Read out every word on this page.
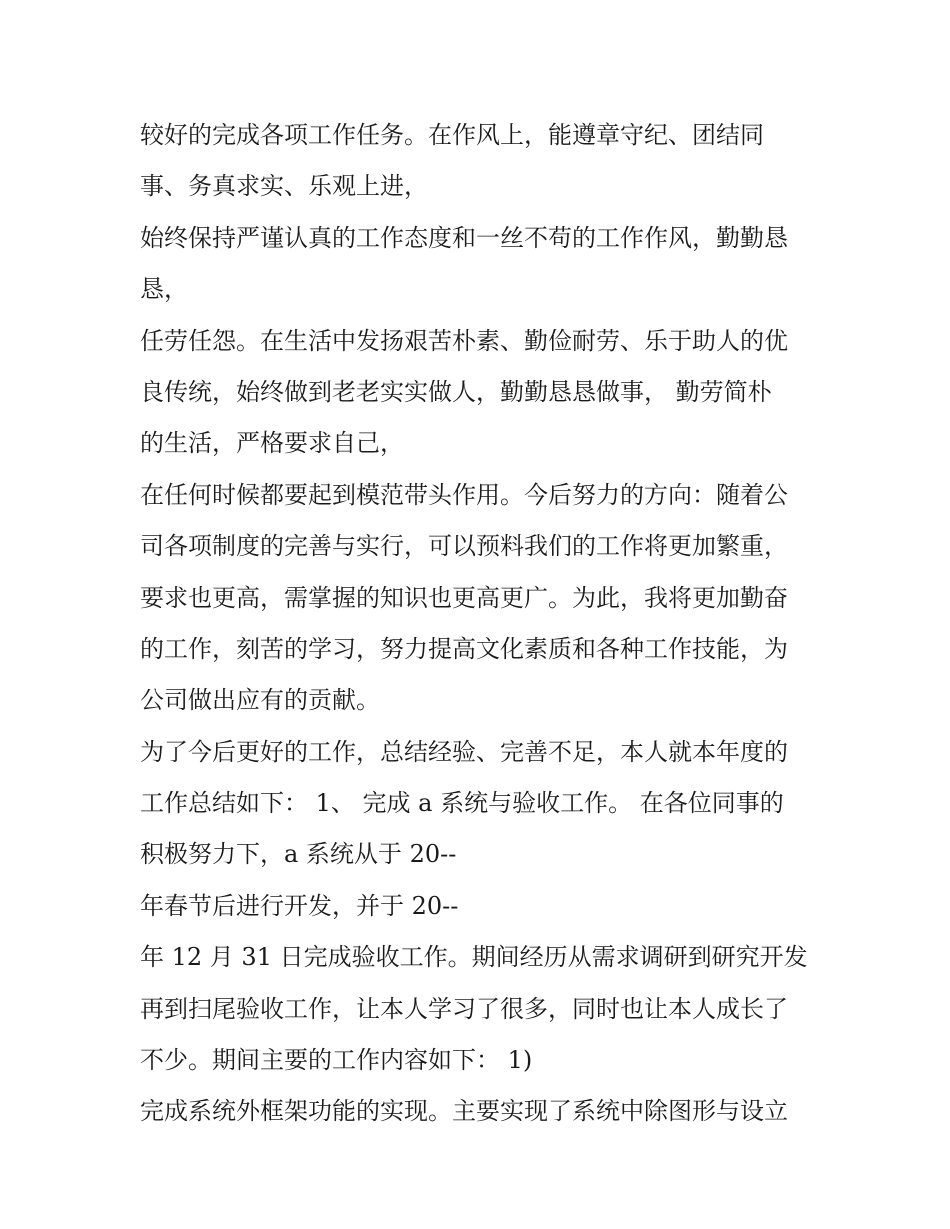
较好的完成各项工作任务。在作风上，能遵章守纪、团结同
事、务真求实、乐观上进，
始终保持严谨认真的工作态度和一丝不苟的工作作风，勤勤恳
恳，
任劳任怨。在生活中发扬艰苦朴素、勤俭耐劳、乐于助人的优
良传统，始终做到老老实实做人，勤勤恳恳做事， 勤劳简朴
的生活，严格要求自己，
在任何时候都要起到模范带头作用。今后努力的方向：随着公
司各项制度的完善与实行，可以预料我们的工作将更加繁重，
要求也更高，需掌握的知识也更高更广。为此，我将更加勤奋
的工作，刻苦的学习，努力提高文化素质和各种工作技能，为
公司做出应有的贡献。
为了今后更好的工作，总结经验、完善不足，本人就本年度的
工作总结如下： 1、 完成 a 系统与验收工作。 在各位同事的
积极努力下，a 系统从于 20--
年春节后进行开发，并于 20--
年 12 月 31 日完成验收工作。期间经历从需求调研到研究开发
再到扫尾验收工作，让本人学习了很多，同时也让本人成长了
不少。期间主要的工作内容如下： 1)
完成系统外框架功能的实现。主要实现了系统中除图形与设立
